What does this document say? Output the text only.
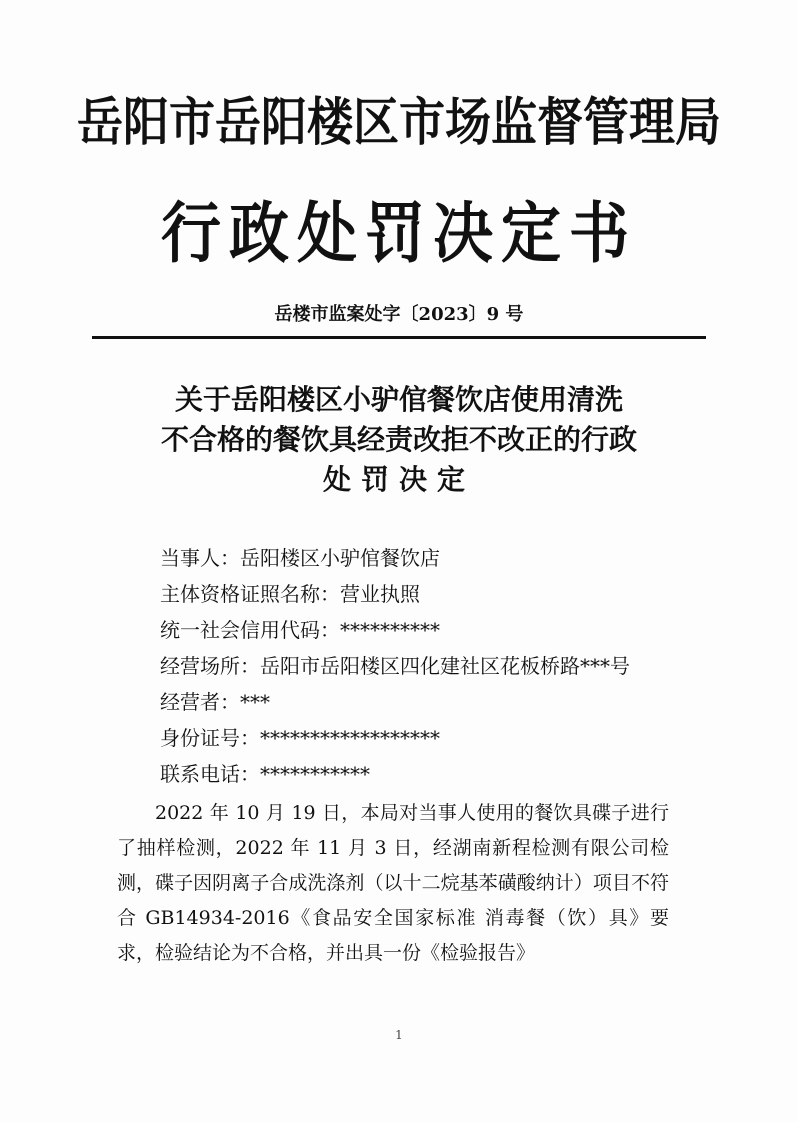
岳阳市岳阳楼区市场监督管理局
行政处罚决定书
岳楼市监案处字〔2023〕9 号
关于岳阳楼区小驴倌餐饮店使用清洗
不合格的餐饮具经责改拒不改正的行政
处罚决定
当事人：岳阳楼区小驴倌餐饮店
主体资格证照名称：营业执照
统一社会信用代码：**********
经营场所：岳阳市岳阳楼区四化建社区花板桥路***号
经营者：***
身份证号：******************
联系电话：***********

2022 年 10 月 19 日，本局对当事人使用的餐饮具碟子进行了抽样检测，2022 年 11 月 3 日，经湖南新程检测有限公司检测，碟子因阴离子合成洗涤剂（以十二烷基苯磺酸纳计）项目不符合 GB14934-2016《食品安全国家标准 消毒餐（饮）具》要求，检验结论为不合格，并出具一份《检验报告》

1
